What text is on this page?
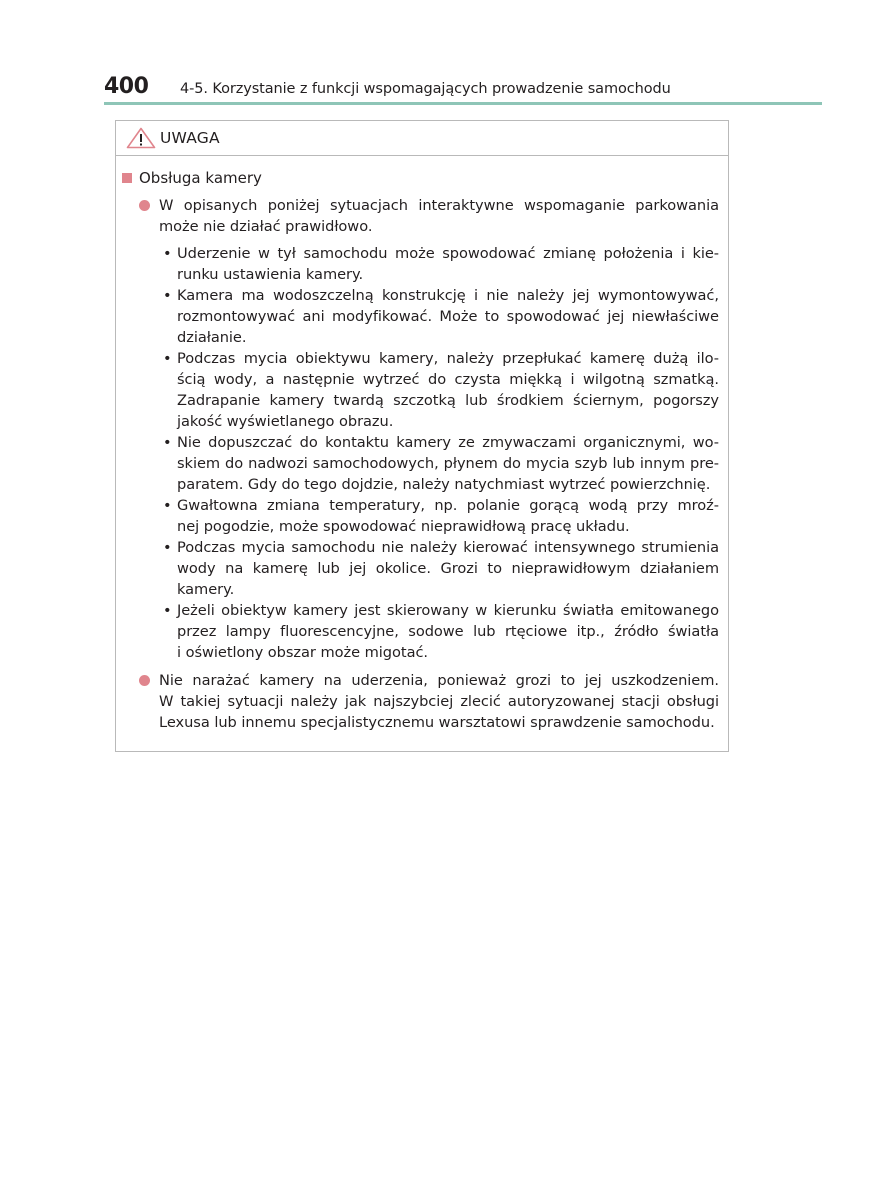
400	4-5. Korzystanie z funkcji wspomagających prowadzenie samochodu
UWAGA
Obsługa kamery
W opisanych poniżej sytuacjach interaktywne wspomaganie parkowania
może nie działać prawidłowo.
• Uderzenie w tył samochodu może spowodować zmianę położenia i kie-
runku ustawienia kamery.
• Kamera ma wodoszczelną konstrukcję i nie należy jej wymontowywać,
rozmontowywać ani modyfikować. Może to spowodować jej niewłaściwe
działanie.
• Podczas mycia obiektywu kamery, należy przepłukać kamerę dużą ilo-
ścią wody, a następnie wytrzeć do czysta miękką i wilgotną szmatką.
Zadrapanie kamery twardą szczotką lub środkiem ściernym, pogorszy
jakość wyświetlanego obrazu.
• Nie dopuszczać do kontaktu kamery ze zmywaczami organicznymi, wo-
skiem do nadwozi samochodowych, płynem do mycia szyb lub innym pre-
paratem. Gdy do tego dojdzie, należy natychmiast wytrzeć powierzchnię.
• Gwałtowna zmiana temperatury, np. polanie gorącą wodą przy mroź-
nej pogodzie, może spowodować nieprawidłową pracę układu.
• Podczas mycia samochodu nie należy kierować intensywnego strumienia
wody na kamerę lub jej okolice. Grozi to nieprawidłowym działaniem
kamery.
• Jeżeli obiektyw kamery jest skierowany w kierunku światła emitowanego
przez lampy fluorescencyjne, sodowe lub rtęciowe itp., źródło światła
i oświetlony obszar może migotać.
Nie narażać kamery na uderzenia, ponieważ grozi to jej uszkodzeniem.
W takiej sytuacji należy jak najszybciej zlecić autoryzowanej stacji obsługi
Lexusa lub innemu specjalistycznemu warsztatowi sprawdzenie samochodu.
